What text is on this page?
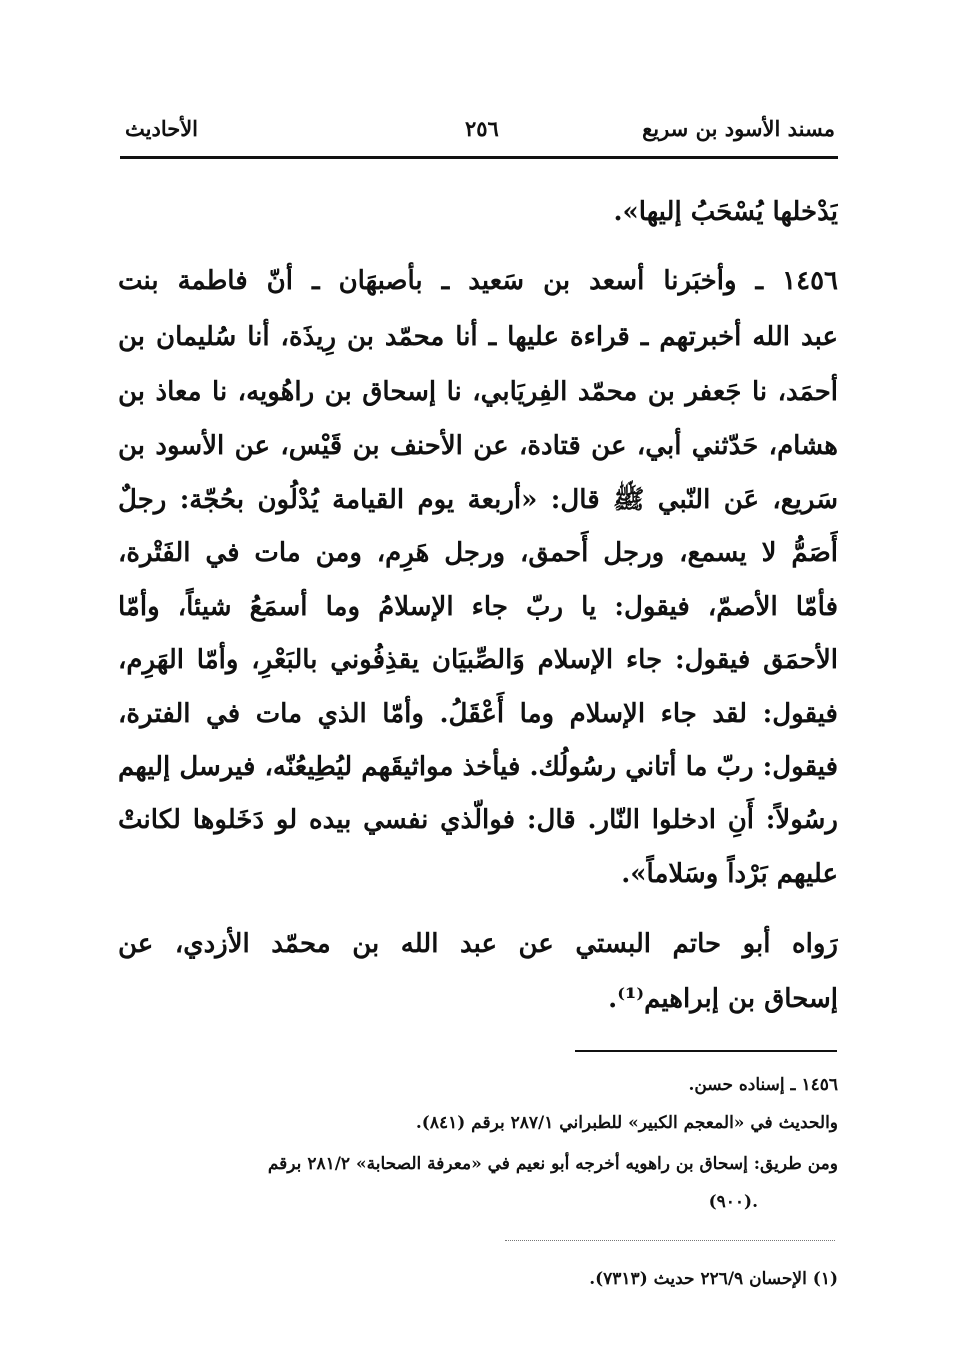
مسند الأسود بن سريع
٢٥٦
الأحاديث
يَدْخلها يُسْحَبُ إليها».
١٤٥٦ ـ وأخبَرنا أسعد بن سَعيد ـ بأصبهَان ـ أنّ فاطمة بنت
عبد الله أخبرتهم ـ قراءة عليها ـ أنا محمّد بن رِيذَة، أنا سُليمان بن
أحمَد، نا جَعفر بن محمّد الفِريَابي، نا إسحاق بن راهُويه، نا معاذ بن
هشام، حَدّثني أبي، عن قتادة، عن الأحنف بن قَيْس، عن الأسود بن
سَريع، عَن النّبي ﷺ قال: «أربعة يوم القيامة يُدْلُون بحُجّة: رجلٌ
أَصَمُّ لا يسمع، ورجل أَحمق، ورجل هَرِم، ومن مات في الفَتْرة،
فأمّا الأصمّ، فيقول: يا ربّ جاء الإسلامُ وما أسمَعُ شيئاً، وأمّا
الأحمَق فيقول: جاء الإسلام وَالصِّبيَان يقذِفُوني بالبَعْرِ، وأمّا الهَرِم،
فيقول: لقد جاء الإسلام وما أَعْقَلُ. وأمّا الذي مات في الفترة،
فيقول: ربّ ما أتاني رسُولُك. فيأخذ مواثيقَهم ليُطِيعُنّه، فيرسل إليهم
رسُولاً: أَنِ ادخلوا النّار. قال: فوالّذي نفسي بيده لو دَخَلوها لكانتْ
عليهم بَرْداً وسَلاماً».
رَواه أبو حاتم البستي عن عبد الله بن محمّد الأزدي، عن
إسحاق بن إبراهيم⁽¹⁾.
١٤٥٦ ـ إسناده حسن.
والحديث في «المعجم الكبير» للطبراني ٢٨٧/١ برقم (٨٤١).
ومن طريق: إسحاق بن راهويه أخرجه أبو نعيم في «معرفة الصحابة» ٢٨١/٢ برقم
(٩٠٠).
(١) الإحسان ٢٢٦/٩ حديث (٧٣١٣).
